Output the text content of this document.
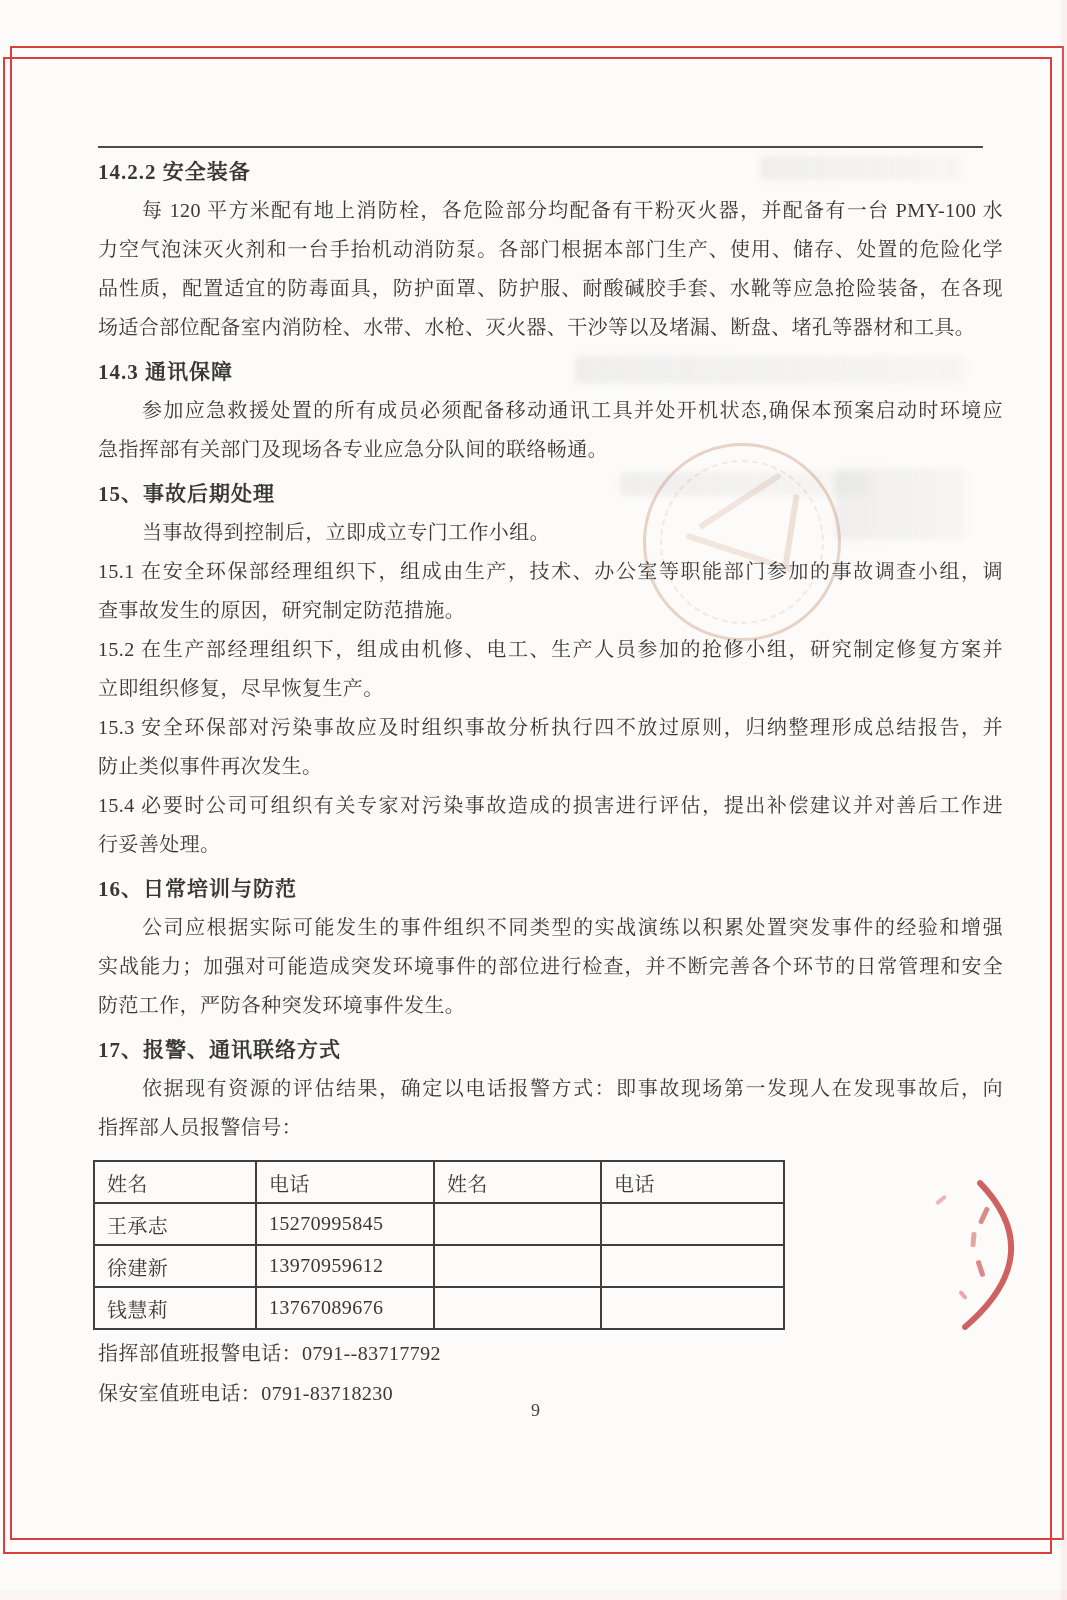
14.2.2 安全装备
每 120 平方米配有地上消防栓，各危险部分均配备有干粉灭火器，并配备有一台 PMY-100 水
力空气泡沫灭火剂和一台手抬机动消防泵。各部门根据本部门生产、使用、储存、处置的危险化学
品性质，配置适宜的防毒面具，防护面罩、防护服、耐酸碱胶手套、水靴等应急抢险装备，在各现
场适合部位配备室内消防栓、水带、水枪、灭火器、干沙等以及堵漏、断盘、堵孔等器材和工具。
14.3 通讯保障
参加应急救援处置的所有成员必须配备移动通讯工具并处开机状态,确保本预案启动时环境应
急指挥部有关部门及现场各专业应急分队间的联络畅通。
15、事故后期处理
当事故得到控制后，立即成立专门工作小组。
15.1 在安全环保部经理组织下，组成由生产，技术、办公室等职能部门参加的事故调查小组，调
查事故发生的原因，研究制定防范措施。
15.2 在生产部经理组织下，组成由机修、电工、生产人员参加的抢修小组，研究制定修复方案并
立即组织修复，尽早恢复生产。
15.3 安全环保部对污染事故应及时组织事故分析执行四不放过原则，归纳整理形成总结报告，并
防止类似事件再次发生。
15.4 必要时公司可组织有关专家对污染事故造成的损害进行评估，提出补偿建议并对善后工作进
行妥善处理。
16、日常培训与防范
公司应根据实际可能发生的事件组织不同类型的实战演练以积累处置突发事件的经验和增强
实战能力；加强对可能造成突发环境事件的部位进行检查，并不断完善各个环节的日常管理和安全
防范工作，严防各种突发环境事件发生。
17、报警、通讯联络方式
依据现有资源的评估结果，确定以电话报警方式：即事故现场第一发现人在发现事故后，向
指挥部人员报警信号：
姓名	电话	姓名	电话
王承志	15270995845		
徐建新	13970959612		
钱慧莉	13767089676		
指挥部值班报警电话：0791--83717792
保安室值班电话：0791-83718230
9
